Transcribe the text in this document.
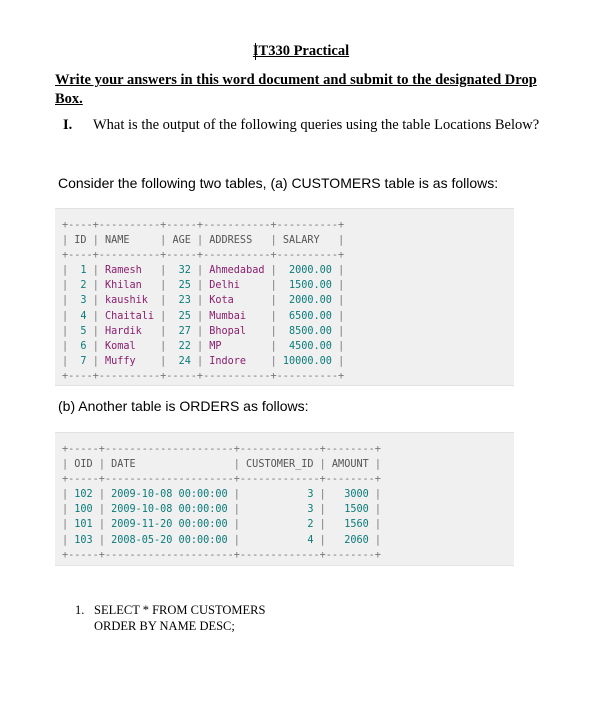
IT330 Practical
Write your answers in this word document and submit to the designated Drop Box.
I. What is the output of the following queries using the table Locations Below?
Consider the following two tables, (a) CUSTOMERS table is as follows:
+----+----------+-----+-----------+----------+
| ID | NAME     | AGE | ADDRESS   | SALARY   |
+----+----------+-----+-----------+----------+
|  1 | Ramesh   |  32 | Ahmedabad |  2000.00 |
|  2 | Khilan   |  25 | Delhi     |  1500.00 |
|  3 | kaushik  |  23 | Kota      |  2000.00 |
|  4 | Chaitali |  25 | Mumbai    |  6500.00 |
|  5 | Hardik   |  27 | Bhopal    |  8500.00 |
|  6 | Komal    |  22 | MP        |  4500.00 |
|  7 | Muffy    |  24 | Indore    | 10000.00 |
+----+----------+-----+-----------+----------+
(b) Another table is ORDERS as follows:
+-----+---------------------+-------------+--------+
| OID | DATE                | CUSTOMER_ID | AMOUNT |
+-----+---------------------+-------------+--------+
| 102 | 2009-10-08 00:00:00 |           3 |   3000 |
| 100 | 2009-10-08 00:00:00 |           3 |   1500 |
| 101 | 2009-11-20 00:00:00 |           2 |   1560 |
| 103 | 2008-05-20 00:00:00 |           4 |   2060 |
+-----+---------------------+-------------+--------+
1. SELECT * FROM CUSTOMERS
ORDER BY NAME DESC;
